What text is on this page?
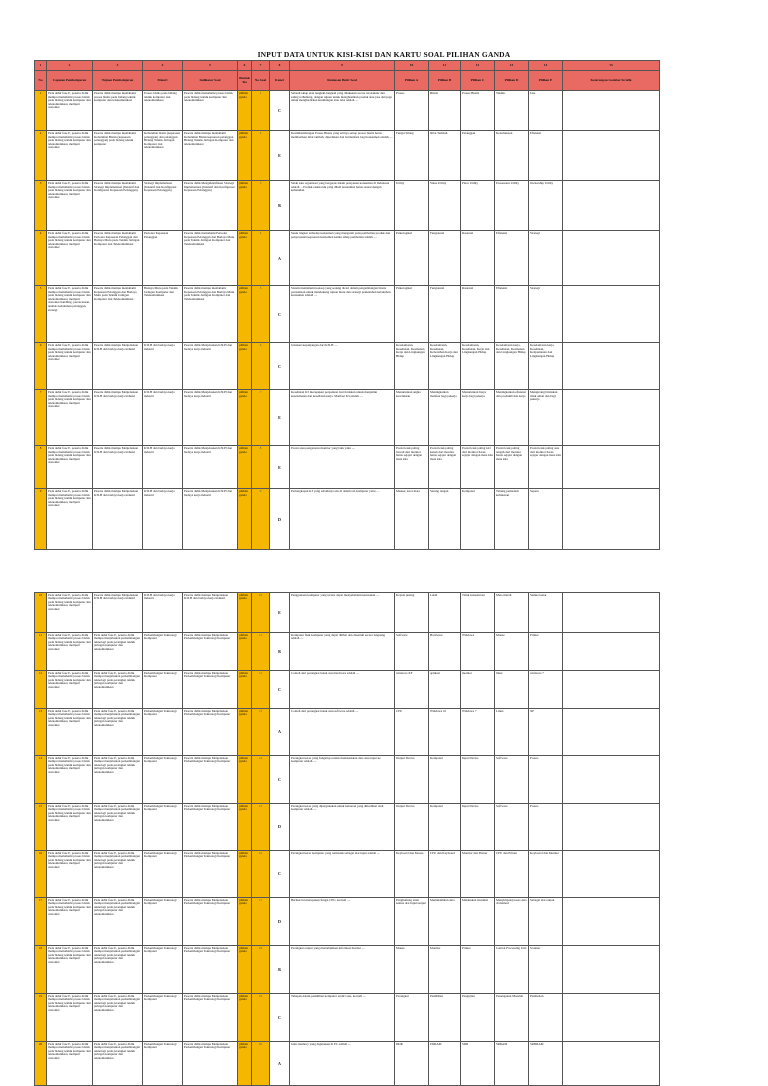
INPUT DATA UNTUK KISI-KISI DAN KARTU SOAL PILIHAN GANDA
1	2	3	4	5	6	7	8	9	10	11	12	13	14	15
No	Capaian Pembelajaran	Tujuan Pembelajaran	Materi	Indikator Soal	Bentuk Tes	No.Soal	Kunci	Rumusan Butir Soal	Pilihan A	Pilihan B	Pilihan C	Pilihan D	Pilihan E	Keterangan Gambar/Grafik
1	Pada akhir fase E, peserta didik mampu memahami proses bisnis pada bidang teknik komputer dan telekomunikasi, meliputi customer	Peserta didik mampu memahami proses bisnis pada bidang teknik komputer dan telekomunikasi	Proses bisnis pada bidang teknik komputer dan telekomunikasi	Peserta didik memahami proses bisnis pada bidang teknik komputer dan telekomunikasi	pilihan ganda	1	C	Sebuah tahap atau langkah-langkah yang dilakukan secara terstruktur dan saling terhubung, dengan tujuan untuk menghasilkan produk atau jasa dan juga untuk menghadirkan keuntungan atau laba adalah ....	Proses	Bisnis	Proses Bisnis	Teknik	Jasa	
2	Pada akhir fase E, peserta didik mampu memahami proses bisnis pada bidang teknik komputer dan telekomunikasi, meliputi customer	Peserta didik mampu memahami Kebutuhan Bisnis (kepuasan pelanggan) pada bidang teknik komputer	Kebutuhan bisnis (kepuasan pelanggan) dan pelanggan Bidang Teknik Jaringan Komputer dan telekomunikasi	Peserta didik mampu memahami Kebutuhan Bisnis kepuasan pelanggan Bidang Teknik Jaringan Komputer dan telekomunikasi	pilihan ganda	2	E	Kesimbambungan Proses Bisnis yang artinya setiap proses bisnis harus memberikan nilai tambah, diperlukan dan bermanfaat bagi konsumen adalah ....	Fungsi Silang	Nilai Tambah	Pelanggan	Keterbukaan	Efisiensi	
3	Pada akhir fase E, peserta didik mampu memahami proses bisnis pada bidang teknik komputer dan telekomunikasi, meliputi customer	Peserta didik mampu memahami Strategi Implementasi (Inisiatif dan Konfigurasi Kepuasan Pelanggan)	Strategi Implementasi (Inisiatif dan Konfigurasi Kepuasan Pelanggan)	Peserta didik Mengidentifikasi Strategi Implementasi (Inisiatif dan Konfigurasi Kepuasan Pelanggan)	pilihan ganda	3	B	Salah satu organisasi yang bergerak dalam pelayanan konsumen di Indonesia adalah ... Produk elektronik yang dibeli konsumen harus sesuai dengan kebutuhan.	Utility	Value Utility	Place Utility	Possession Utility	Ownership Utility	
4	Pada akhir fase E, peserta didik mampu memahami proses bisnis pada bidang teknik komputer dan telekomunikasi, meliputi customer	Peserta didik mampu memahami Perioder Kepuasan Pelanggan dan Budaya Mutu pada Teknik Jaringan Komputer dan Telekomunikasi	Perioder Kepuasan Pelanggan	Peserta didik memahami Perioder Kepuasan Pelanggan dan Budaya Mutu pada Teknik Jaringan Komputer dan Telekomunikasi	pilihan ganda	4	A	Suatu tingkat terhadap konsumen yang mengarah pada pembelian produk dan penyesuaian kepuasan konsumen ketika tahap pembelian adalah ....	Psikologikal	Fungsional	Rasional	Efisiensi	Strategi	
5	Pada akhir fase E, peserta didik mampu memahami proses bisnis pada bidang teknik komputer dan telekomunikasi, meliputi customer handling, perencanaan, analisis kebutuhan pelanggan, strategi	Peserta didik mampu memahami Kepuasan Pelanggan dan Budaya Mutu pada Teknik Jaringan Komputer dan Telekomunikasi	Budaya Mutu pada Teknik Jaringan Komputer dan Telekomunikasi	Peserta didik mampu memahami Kepuasan Pelanggan dan Budaya Mutu pada Teknik Jaringan Komputer dan Telekomunikasi	pilihan ganda	5	C	Sistem memahami konsep yang sedang dicari dalam pengembangan bisnis perusahaan untuk mendukung tujuan mutu dan strategi pemenuhan kebutuhan konsumen adalah ....	Psikologikal	Fungsional	Rasional	Efisiensi	Strategi	
6	Pada akhir fase E, peserta didik mampu memahami proses bisnis pada bidang teknik komputer dan telekomunikasi, meliputi customer	Peserta didik mampu Menjelaskan K3LH dan budaya kerja industri	K3LH dan budaya kerja industri	Peserta didik Menjelaskan K3LH dan budaya kerja industri	pilihan ganda	6	C	Jelaskan kepanjangan dari K3LH ....	Keselamatan, Kesehatan, Keamanan Kerja dan Lingkungan Hidup	Keselamatan, Kesehatan, Kebersihan Kerja dan Lingkungan Hidup	Keselamatan, Kesehatan, Kerja dan Lingkungan Hidup	Keselamatan kerja, Kesehatan, Keamanan dan Lingkungan Hidup	Keselamatan kerja, Kesehatan, Kenyamanan dan Lingkungan Hidup	
7	Pada akhir fase E, peserta didik mampu memahami proses bisnis pada bidang teknik komputer dan telekomunikasi, meliputi customer	Peserta didik mampu Menjelaskan K3LH dan budaya kerja industri	K3LH dan budaya kerja industri	Peserta didik Menjelaskan K3LH dan budaya kerja industri	pilihan ganda	7	E	Kesehatan K3 merupakan perpaduan dari tindakan untuk menjamin keselamatan dan kesehatan kerja. Manfaat K3 adalah ....	Menurunkan angka kecelakaan	Meningkatkan manfaat bagi pekerja	Menurunkan biaya kerja bagi pekerja	Meningkatkan efisiensi dan produktivitas kerja	Mengurangi tindakan tidak aman dan bagi pekerja	
8	Pada akhir fase E, peserta didik mampu memahami proses bisnis pada bidang teknik komputer dan telekomunikasi, meliputi customer	Peserta didik mampu Menjelaskan K3LH dan budaya kerja industri	K3LH dan budaya kerja industri	Peserta didik Menjelaskan K3LH dan budaya kerja industri	pilihan ganda	8	E	Posisi atau pengaturan monitor yang baik yaitu ....	Posisi letak paling bawah dari monitor harus sejajar dengan mata kita	Posisi letak paling kanan dari monitor harus sejajar dengan mata kita	Posisi letak paling kiri dari monitor harus sejajar dengan mata kita	Posisi letak paling tengah dari monitor harus sejajar dengan mata kita	Posisi letak paling atas dari monitor harus sejajar dengan mata kita	
9	Pada akhir fase E, peserta didik mampu memahami proses bisnis pada bidang teknik komputer dan telekomunikasi, meliputi customer	Peserta didik mampu Menjelaskan K3LH dan budaya kerja industri	K3LH dan budaya kerja industri	Peserta didik Menjelaskan K3LH dan budaya kerja industri	pilihan ganda	9	D	Perlengkapan K3 yang sebaiknya ada di dalam lab komputer yaitu ....	Masker, kaca mata	Sarung tangan	Komputer	Tabung pemadam kebakaran	Sepatu	
10	Pada akhir fase E, peserta didik mampu memahami proses bisnis pada bidang teknik komputer dan telekomunikasi, meliputi customer	Peserta didik mampu Menjelaskan K3LH dan budaya kerja industri	K3LH dan budaya kerja industri	Peserta didik mampu Menjelaskan K3LH dan budaya kerja industri	pilihan ganda	10	E	Penggunaan komputer yang tertata dapat menyebabkan kerusakan ....	Kepala pusing	Lelah	Tidak konsentrasi	Mata merah	Semua benar	
11	Pada akhir fase E, peserta didik mampu memahami proses bisnis pada bidang teknik komputer dan telekomunikasi, meliputi customer	Pada akhir fase E, peserta didik mampu menjelaskan perkembangan teknologi pada perangkat teknik jaringan komputer dan telekomunikasi	Perkembangan Teknologi Komputer	Peserta didik mampu Menjelaskan Perkembangan Teknologi Komputer	pilihan ganda	11	B	Komputer fisik komputer yang dapat dilihat dan disentuh secara langsung adalah ....	Software	Hardware	Windows	Mouse	Printer	
12	Pada akhir fase E, peserta didik mampu memahami proses bisnis pada bidang teknik komputer dan telekomunikasi, meliputi customer	Pada akhir fase E, peserta didik mampu menjelaskan perkembangan teknologi pada perangkat teknik jaringan komputer dan telekomunikasi	Perkembangan Teknologi Komputer	Peserta didik mampu Menjelaskan Perkembangan Teknologi Komputer	pilihan ganda	12	C	Contoh dari perangkat lunak atau hardware adalah ....	windows XP	aplikasi	monitor	linux	windows 7	
13	Pada akhir fase E, peserta didik mampu memahami proses bisnis pada bidang teknik komputer dan telekomunikasi, meliputi customer	Pada akhir fase E, peserta didik mampu menjelaskan perkembangan teknologi pada perangkat teknik jaringan komputer dan telekomunikasi	Perkembangan Teknologi Komputer	Peserta didik mampu Menjelaskan Perkembangan Teknologi Komputer	pilihan ganda	13	A	Contoh dari perangkat lunak atau software adalah ....	CPU	Windows 10	Windows 7	Linux	XP	
14	Pada akhir fase E, peserta didik mampu memahami proses bisnis pada bidang teknik komputer dan telekomunikasi, meliputi customer	Pada akhir fase E, peserta didik mampu menjelaskan perkembangan teknologi pada perangkat teknik jaringan komputer dan telekomunikasi	Perkembangan Teknologi Komputer	Peserta didik mampu Menjelaskan Perkembangan Teknologi Komputer	pilihan ganda	14	C	Perangkat keras yang fungsinya untuk memasukkan data atau input ke komputer adalah ....	Output Device	Komputer	Input Device	Software	Proses	
15	Pada akhir fase E, peserta didik mampu memahami proses bisnis pada bidang teknik komputer dan telekomunikasi, meliputi customer	Pada akhir fase E, peserta didik mampu menjelaskan perkembangan teknologi pada perangkat teknik jaringan komputer dan telekomunikasi	Perkembangan Teknologi Komputer	Peserta didik mampu Menjelaskan Perkembangan Teknologi Komputer	pilihan ganda	15	D	Perangkat keras yang dipergunakan untuk keluaran yang dihasilkan oleh komputer adalah ....	Output Device	Komputer	Input Device	Software	Proses	
16	Pada akhir fase E, peserta didik mampu memahami proses bisnis pada bidang teknik komputer dan telekomunikasi, meliputi customer	Pada akhir fase E, peserta didik mampu menjelaskan perkembangan teknologi pada perangkat teknik jaringan komputer dan telekomunikasi	Perkembangan Teknologi Komputer	Peserta didik mampu Menjelaskan Perkembangan Teknologi Komputer	pilihan ganda	16	C	Perangkat keras komputer yang termasuk sebagai alat input adalah ....	Keyboard dan Mouse	CPU dan Keyboard	Monitor dan Printer	CPU dan Printer	Keyboard dan Monitor	
17	Pada akhir fase E, peserta didik mampu memahami proses bisnis pada bidang teknik komputer dan telekomunikasi, meliputi customer	Pada akhir fase E, peserta didik mampu menjelaskan perkembangan teknologi pada perangkat teknik jaringan komputer dan telekomunikasi	Perkembangan Teknologi Komputer	Peserta didik mampu Menjelaskan Perkembangan Teknologi Komputer	pilihan ganda	17	D	Berikut ini merupakan fungsi CPU, kecuali ....	Penghubung antar semua alat input/output	Memindahkan data	Melakukan instruksi	Menyimpan/proses data di memori	Sebagai alat output	
18	Pada akhir fase E, peserta didik mampu memahami proses bisnis pada bidang teknik komputer dan telekomunikasi, meliputi customer	Pada akhir fase E, peserta didik mampu menjelaskan perkembangan teknologi pada perangkat teknik jaringan komputer dan telekomunikasi	Perkembangan Teknologi Komputer	Peserta didik mampu Menjelaskan Perkembangan Teknologi Komputer	pilihan ganda	18	B	Perangkat output yang menampilkan informasi disebut ....	Mouse	Monitor	Printer	Central Processing Unit	Scanner	
19	Pada akhir fase E, peserta didik mampu memahami proses bisnis pada bidang teknik komputer dan telekomunikasi, meliputi customer	Pada akhir fase E, peserta didik mampu menjelaskan perkembangan teknologi pada perangkat teknik jaringan komputer dan telekomunikasi	Perkembangan Teknologi Komputer	Peserta didik mampu Menjelaskan Perkembangan Teknologi Komputer	pilihan ganda	19	C	Tahapan dalam pemilihan komputer terdiri atas, kecuali ....	Perangkat	Pemilihan	Pengujian	Penanganan Masalah	Pembelian	
20	Pada akhir fase E, peserta didik mampu memahami proses bisnis pada bidang teknik komputer dan telekomunikasi, meliputi customer	Pada akhir fase E, peserta didik mampu menjelaskan perkembangan teknologi pada perangkat teknik jaringan komputer dan telekomunikasi	Perkembangan Teknologi Komputer	Peserta didik mampu Menjelaskan Perkembangan Teknologi Komputer	pilihan ganda	20	A	Jenis memory yang digunakan di PC adalah ....	DDR	EDRAM	SDR	SRRAM	SRDRAM	
